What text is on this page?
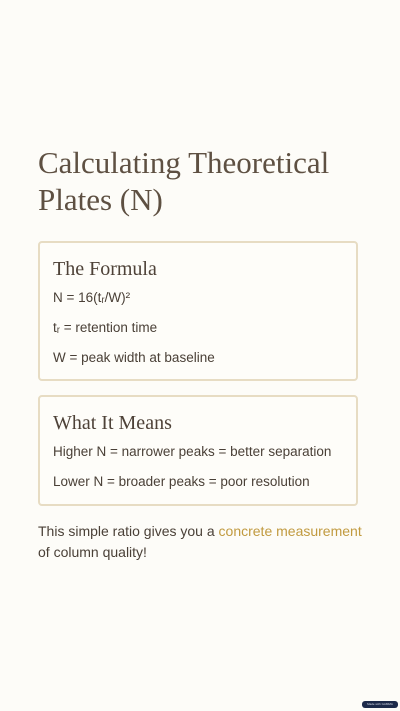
Calculating Theoretical Plates (N)
The Formula

N = 16(tᵣ/W)²

tᵣ = retention time

W = peak width at baseline

What It Means

Higher N = narrower peaks = better separation

Lower N = broader peaks = poor resolution

This simple ratio gives you a concrete measurement of column quality!

Made with GAMMA
